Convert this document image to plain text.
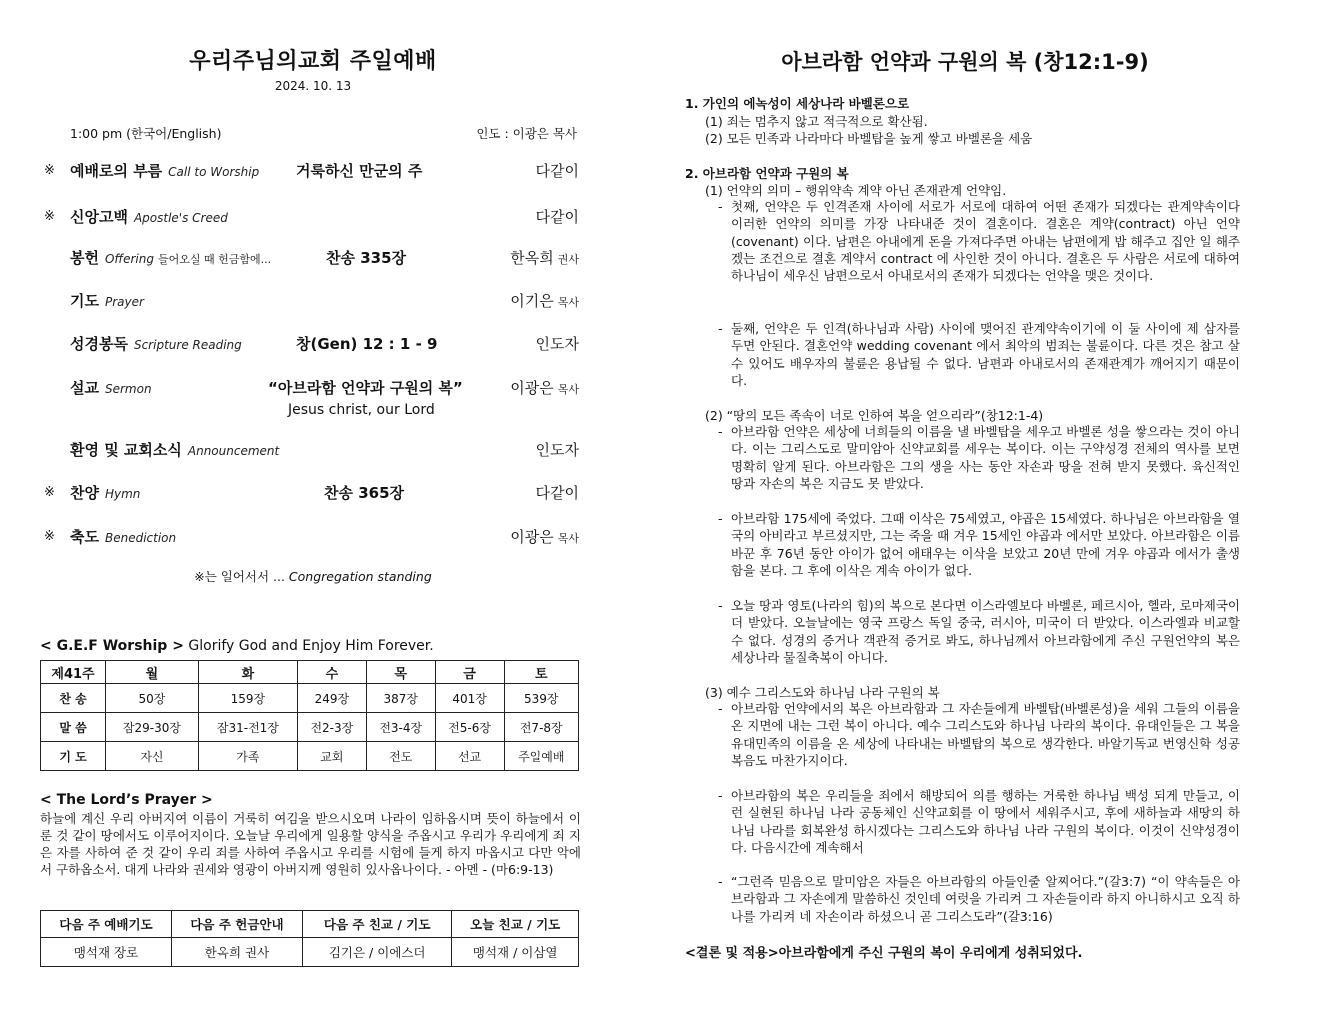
우리주님의교회 주일예배
2024. 10. 13
1:00 pm (한국어/English)	인도 : 이광은 목사
※ 예배로의 부름 Call to Worship 거룩하신 만군의 주	다같이
※ 신앙고백 Apostle's Creed	다같이
봉헌 Offering 들어오실 때 헌금함에...	찬송 335장	한옥희 권사
기도 Prayer	이기은 목사
성경봉독 Scripture Reading	창(Gen) 12 : 1 - 9	인도자
설교 Sermon	“아브라함 언약과 구원의 복”	이광은 목사
Jesus christ, our Lord
환영 및 교회소식 Announcement	인도자
※ 찬양 Hymn	찬송 365장	다같이
※ 축도 Benediction	이광은 목사
※는 일어서서 ... Congregation standing
< G.E.F Worship > Glorify God and Enjoy Him Forever.
제41주	월	화	수	목	금	토
찬 송	50장	159장	249장	387장	401장	539장
말 씀	잠29-30장	잠31-전1장	전2-3장	전3-4장	전5-6장	전7-8장
기 도	자신	가족	교회	전도	선교	주일예배
< The Lord’s Prayer >
하늘에 계신 우리 아버지여 이름이 거룩히 여김을 받으시오며 나라이 임하옵시며 뜻이 하늘에서 이룬 것 같이 땅에서도 이루어지이다. 오늘날 우리에게 일용할 양식을 주옵시고 우리가 우리에게 죄 지은 자를 사하여 준 것 같이 우리 죄를 사하여 주옵시고 우리를 시험에 들게 하지 마옵시고 다만 악에서 구하옵소서. 대게 나라와 권세와 영광이 아버지께 영원히 있사옵나이다. - 아멘 - (마6:9-13)
다음 주 예배기도	다음 주 헌금안내	다음 주 친교 / 기도	오늘 친교 / 기도
맹석재 장로	한옥희 권사	김기은 / 이에스더	맹석재 / 이삼열
아브라함 언약과 구원의 복 (창12:1-9)
1. 가인의 에녹성이 세상나라 바벨론으로
(1) 죄는 멈추지 않고 적극적으로 확산됨.
(2) 모든 민족과 나라마다 바벨탑을 높게 쌓고 바벨론을 세움
2. 아브라함 언약과 구원의 복
(1) 언약의 의미 – 행위약속 계약 아닌 존재관계 언약임.
- 첫째, 언약은 두 인격존재 사이에 서로가 서로에 대하여 어떤 존재가 되겠다는 관계약속이다 이러한 언약의 의미를 가장 나타내준 것이 결혼이다. 결혼은 계약(contract) 아닌 언약(covenant) 이다. 남편은 아내에게 돈을 가져다주면 아내는 남편에게 밥 해주고 집안 일 해주겠는 조건으로 결혼 계약서 contract 에 사인한 것이 아니다. 결혼은 두 사람은 서로에 대하여 하나님이 세우신 남편으로서 아내로서의 존재가 되겠다는 언약을 맺은 것이다.
- 둘째, 언약은 두 인격(하나님과 사람) 사이에 맺어진 관계약속이기에 이 둘 사이에 제 삼자를 두면 안된다. 결혼언약 wedding covenant 에서 최악의 범죄는 불륜이다. 다른 것은 참고 살 수 있어도 배우자의 불륜은 용납될 수 없다. 남편과 아내로서의 존재관계가 깨어지기 때문이다.
(2) “땅의 모든 족속이 너로 인하여 복을 얻으리라”(창12:1-4)
- 아브라함 언약은 세상에 너희들의 이름을 낼 바벨탑을 세우고 바벨론 성을 쌓으라는 것이 아니다. 이는 그리스도로 말미암아 신약교회를 세우는 복이다. 이는 구약성경 전체의 역사를 보면 명확히 알게 된다. 아브라함은 그의 생을 사는 동안 자손과 땅을 전혀 받지 못했다. 육신적인 땅과 자손의 복은 지금도 못 받았다.
- 아브라함 175세에 죽었다. 그때 이삭은 75세였고, 야곱은 15세였다. 하나님은 아브라함을 열국의 아비라고 부르셨지만, 그는 죽을 때 겨우 15세인 야곱과 에서만 보았다. 아브라함은 이름 바꾼 후 76년 동안 아이가 없어 애태우는 이삭을 보았고 20년 만에 겨우 야곱과 에서가 출생함을 본다. 그 후에 이삭은 계속 아이가 없다.
- 오늘 땅과 영토(나라의 힘)의 복으로 본다면 이스라엘보다 바벨론, 페르시아, 헬라, 로마제국이 더 받았다. 오늘날에는 영국 프랑스 독일 중국, 러시아, 미국이 더 받았다. 이스라엘과 비교할 수 없다. 성경의 증거나 객관적 증거로 봐도, 하나님께서 아브라함에게 주신 구원언약의 복은 세상나라 물질축복이 아니다.
(3) 예수 그리스도와 하나님 나라 구원의 복
- 아브라함 언약에서의 복은 아브라함과 그 자손들에게 바벨탑(바벨론성)을 세워 그들의 이름을 온 지면에 내는 그런 복이 아니다. 예수 그리스도와 하나님 나라의 복이다. 유대인들은 그 복을 유대민족의 이름을 온 세상에 나타내는 바벨탑의 복으로 생각한다. 바알기독교 번영신학 성공복음도 마찬가지이다.
- 아브라함의 복은 우리들을 죄에서 해방되어 의를 행하는 거룩한 하나님 백성 되게 만들고, 이런 실현된 하나님 나라 공동체인 신약교회를 이 땅에서 세워주시고, 후에 새하늘과 새땅의 하나님 나라를 회복완성 하시겠다는 그리스도와 하나님 나라 구원의 복이다. 이것이 신약성경이다. 다음시간에 계속해서
- “그런즉 믿음으로 말미암은 자들은 아브라함의 아들인줄 알찌어다.”(갈3:7) “이 약속들은 아브라함과 그 자손에게 말씀하신 것인데 여럿을 가리켜 그 자손들이라 하지 아니하시고 오직 하나를 가리켜 네 자손이라 하셨으니 곧 그리스도라”(갈3:16)
<결론 및 적용>아브라함에게 주신 구원의 복이 우리에게 성취되었다.
